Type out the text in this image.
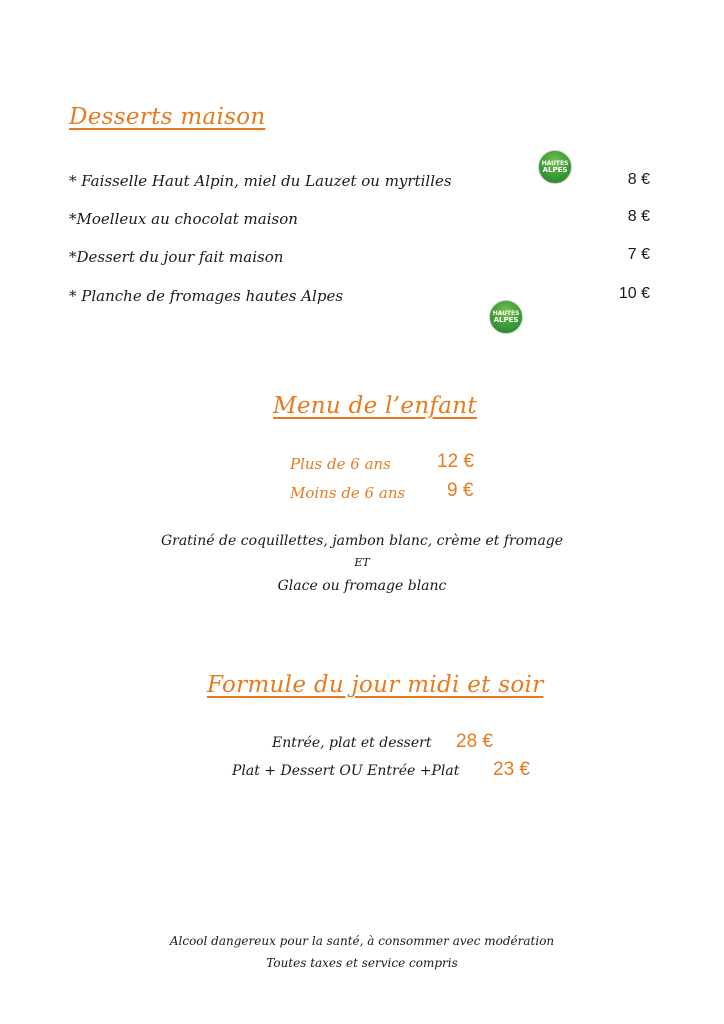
Desserts maison
* Faisselle Haut Alpin, miel du Lauzet ou myrtilles	8 €
*Moelleux au chocolat maison	8 €
*Dessert du jour fait maison	7 €
* Planche de fromages hautes Alpes	10 €
HAUTES
ALPES
HAUTES
ALPES
Menu de l’enfant
Plus de 6 ans 12 €
Moins de 6 ans 9 €
Gratiné de coquillettes, jambon blanc, crème et fromage
ET
Glace ou fromage blanc
Formule du jour midi et soir
Entrée, plat et dessert 28 €
Plat + Dessert OU Entrée +Plat 23 €
Alcool dangereux pour la santé, à consommer avec modération
Toutes taxes et service compris
